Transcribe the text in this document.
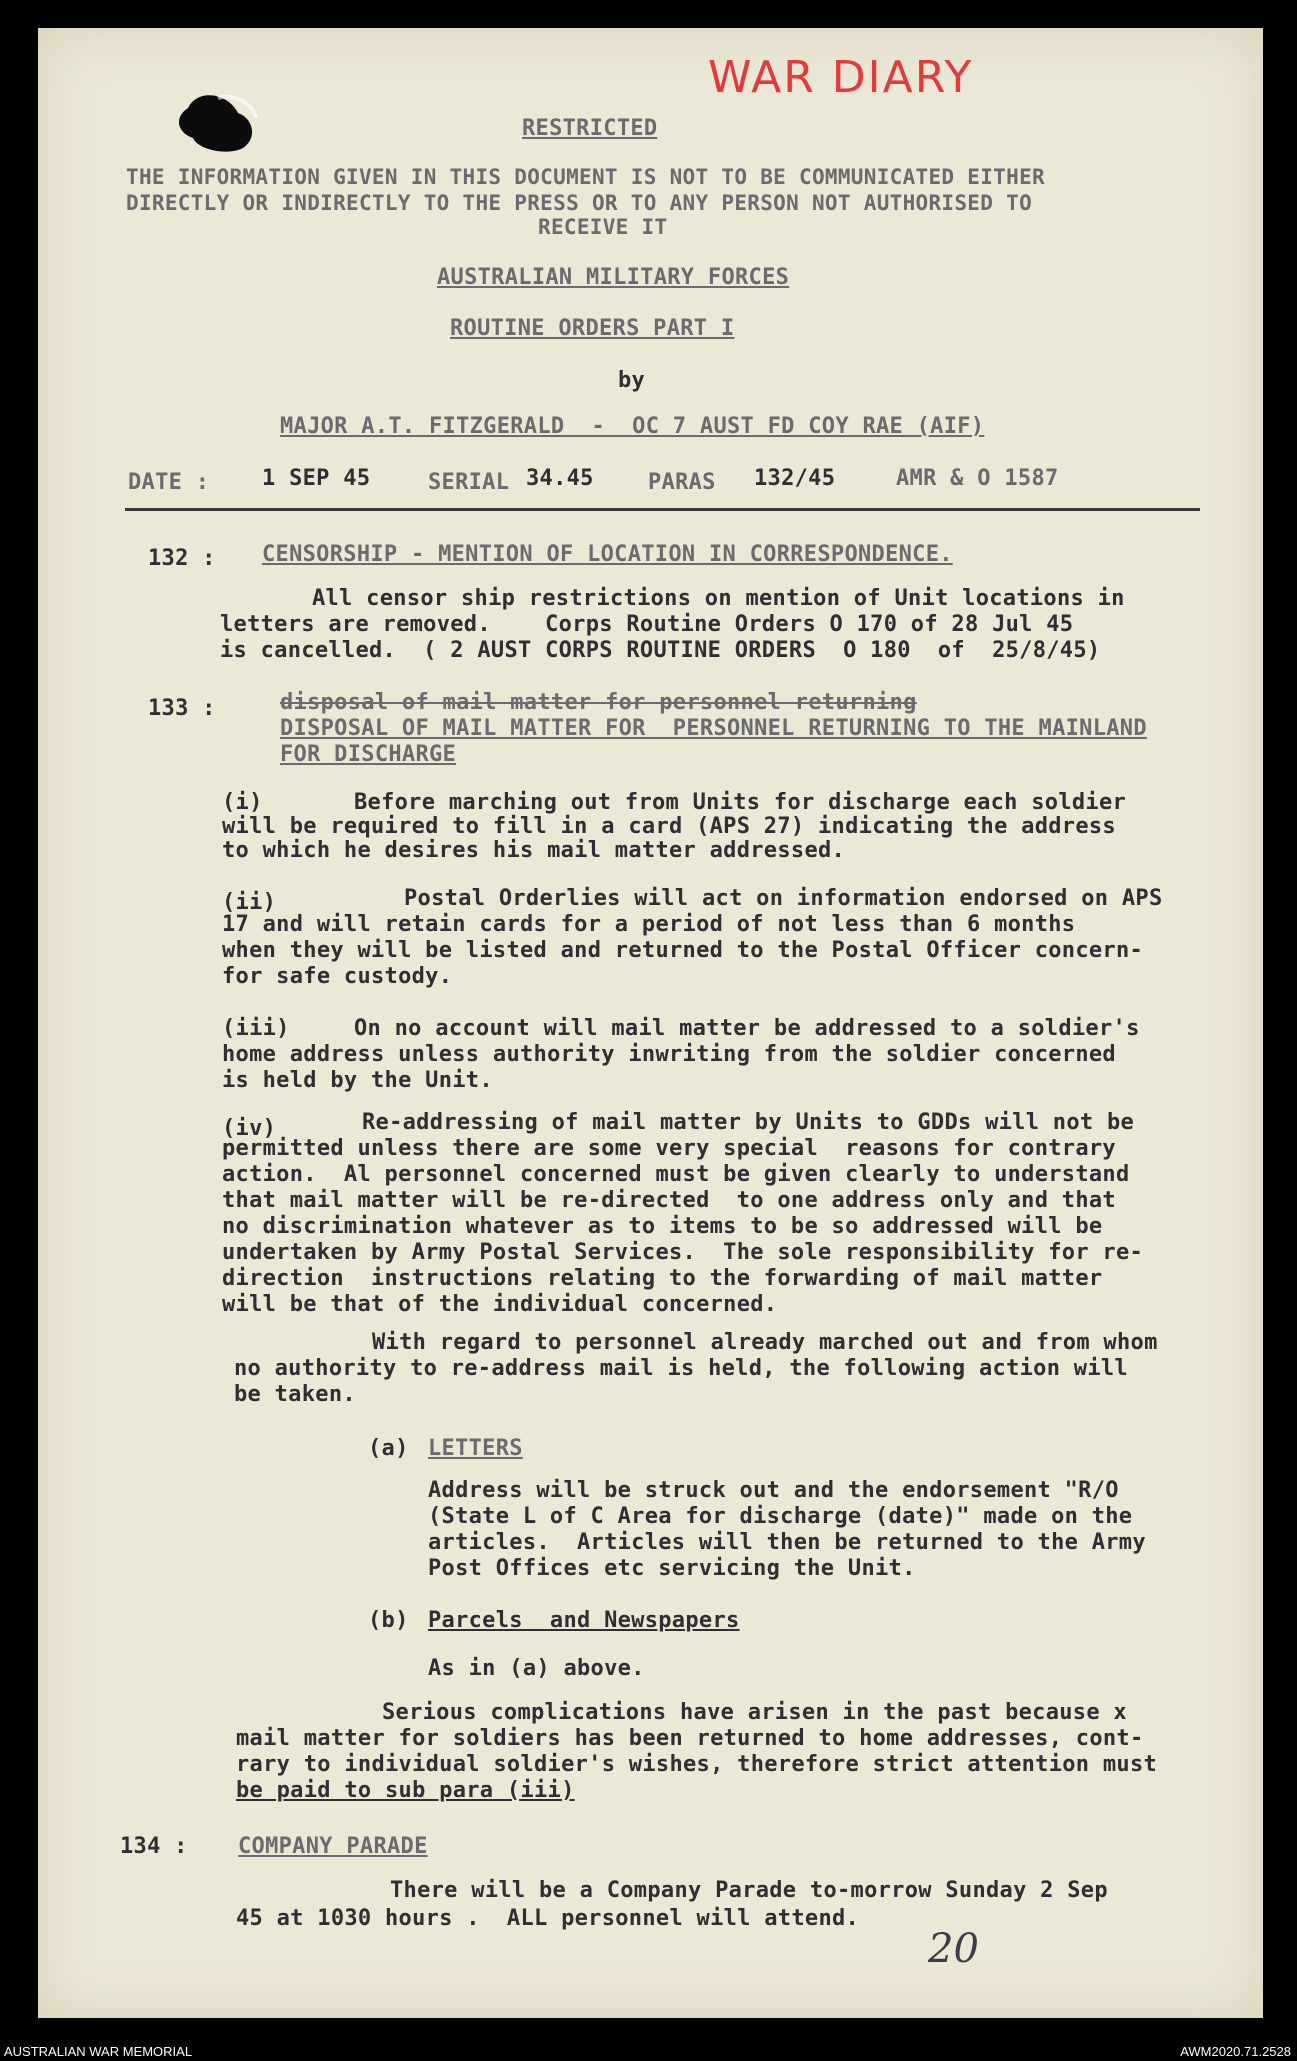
WAR DIARY
RESTRICTED
THE INFORMATION GIVEN IN THIS DOCUMENT IS NOT TO BE COMMUNICATED EITHER
DIRECTLY OR INDIRECTLY TO THE PRESS OR TO ANY PERSON NOT AUTHORISED TO
RECEIVE IT
AUSTRALIAN MILITARY FORCES
ROUTINE ORDERS PART I
by
MAJOR A.T. FITZGERALD  -  OC 7 AUST FD COY RAE (AIF)
DATE : 1 SEP 45	SERIAL 34.45 PARAS 132/45	AMR & O 1587
132 : CENSORSHIP - MENTION OF LOCATION IN CORRESPONDENCE.
All censor ship restrictions on mention of Unit locations in
letters are removed.    Corps Routine Orders O 170 of 28 Jul 45
is cancelled.  ( 2 AUST CORPS ROUTINE ORDERS  O 180  of  25/8/45)
133 :	disposal of mail matter for personnel returning
DISPOSAL OF MAIL MATTER FOR  PERSONNEL RETURNING TO THE MAINLAND
FOR DISCHARGE
(i)	Before marching out from Units for discharge each soldier
will be required to fill in a card (APS 27) indicating the address
to which he desires his mail matter addressed.
(ii)	Postal Orderlies will act on information endorsed on APS
17 and will retain cards for a period of not less than 6 months
when they will be listed and returned to the Postal Officer concern-
for safe custody.
(iii)	On no account will mail matter be addressed to a soldier's
home address unless authority inwriting from the soldier concerned
is held by the Unit.
(iv)	Re-addressing of mail matter by Units to GDDs will not be
permitted unless there are some very special  reasons for contrary
action.  Al personnel concerned must be given clearly to understand
that mail matter will be re-directed  to one address only and that
no discrimination whatever as to items to be so addressed will be
undertaken by Army Postal Services.  The sole responsibility for re-
direction  instructions relating to the forwarding of mail matter
will be that of the individual concerned.
With regard to personnel already marched out and from whom
no authority to re-address mail is held, the following action will
be taken.
(a) LETTERS
Address will be struck out and the endorsement "R/O
(State L of C Area for discharge (date)" made on the
articles.  Articles will then be returned to the Army
Post Offices etc servicing the Unit.
(b) Parcels  and Newspapers
As in (a) above.
Serious complications have arisen in the past because x
mail matter for soldiers has been returned to home addresses, cont-
rary to individual soldier's wishes, therefore strict attention must
be paid to sub para (iii)
134 : COMPANY PARADE
There will be a Company Parade to-morrow Sunday 2 Sep
45 at 1030 hours .  ALL personnel will attend.
20
AUSTRALIAN WAR MEMORIAL	AWM2020.71.2528
